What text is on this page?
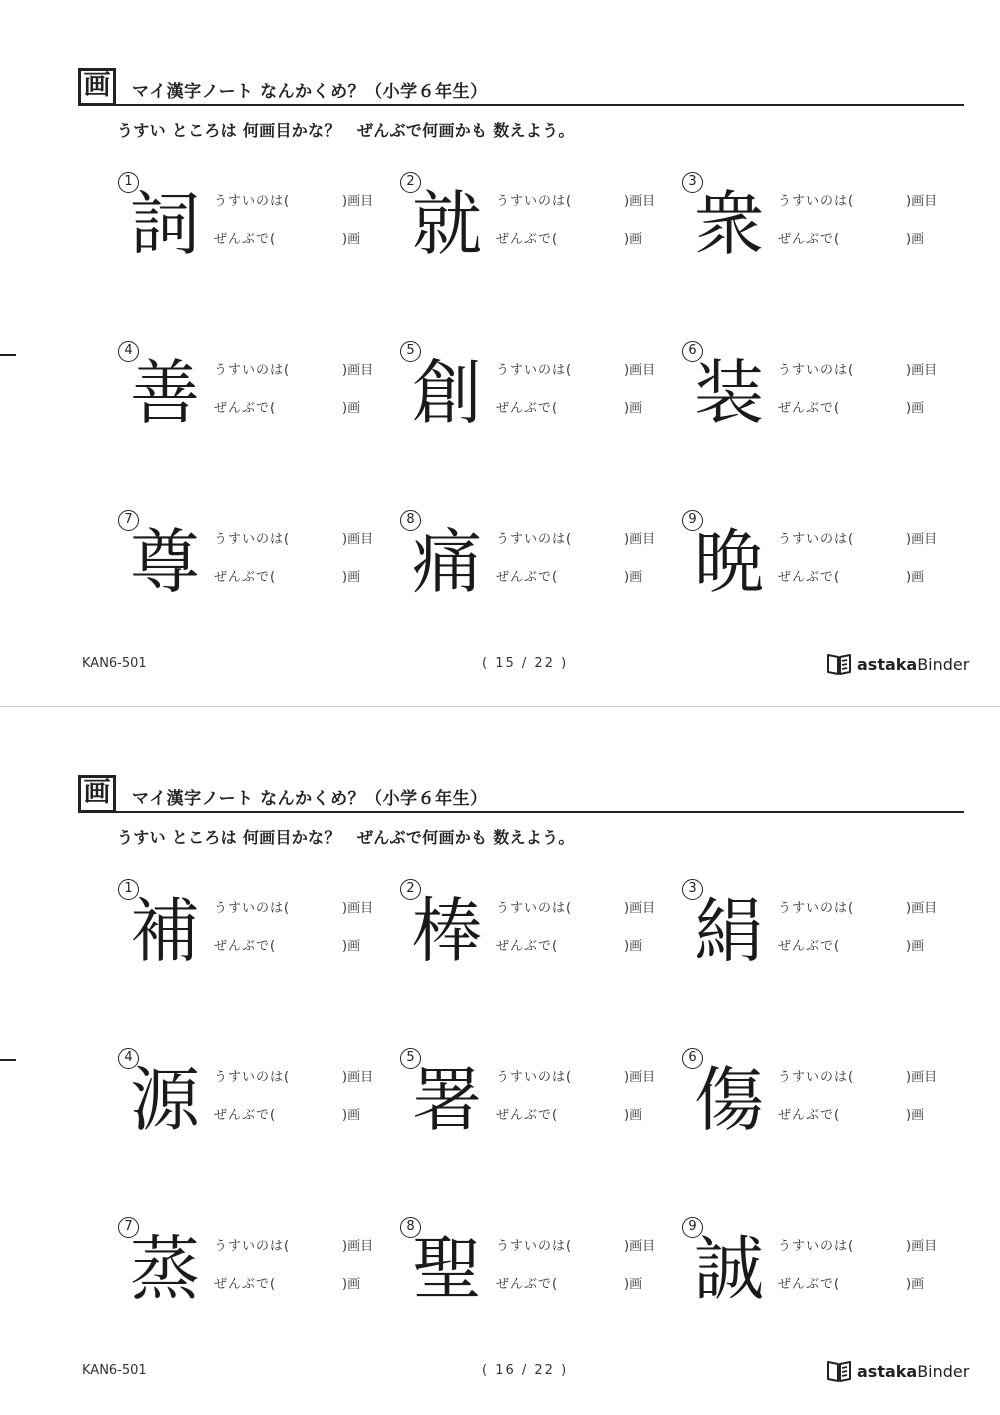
画	マイ漢字ノート なんかくめ？（小学６年生）
うすい ところは 何画目かな？　ぜんぶで何画かも 数えよう。
1
詞 うすいのは(	)画目
ぜんぶで(	)画
2
就 うすいのは(	)画目
ぜんぶで(	)画
3
衆 うすいのは(	)画目
ぜんぶで(	)画
4
善 うすいのは(	)画目
ぜんぶで(	)画
5
創 うすいのは(	)画目
ぜんぶで(	)画
6
装 うすいのは(	)画目
ぜんぶで(	)画
7
尊 うすいのは(	)画目
ぜんぶで(	)画
8
痛 うすいのは(	)画目
ぜんぶで(	)画
9
晩 うすいのは(	)画目
ぜんぶで(	)画
KAN6-501	( 15 / 22 )	astakaBinder
画	マイ漢字ノート なんかくめ？（小学６年生）
うすい ところは 何画目かな？　ぜんぶで何画かも 数えよう。
1
補 うすいのは(	)画目
ぜんぶで(	)画
2
棒 うすいのは(	)画目
ぜんぶで(	)画
3
絹 うすいのは(	)画目
ぜんぶで(	)画
4
源 うすいのは(	)画目
ぜんぶで(	)画
5
署 うすいのは(	)画目
ぜんぶで(	)画
6
傷 うすいのは(	)画目
ぜんぶで(	)画
7
蒸 うすいのは(	)画目
ぜんぶで(	)画
8
聖 うすいのは(	)画目
ぜんぶで(	)画
9
誠 うすいのは(	)画目
ぜんぶで(	)画
KAN6-501	( 16 / 22 )	astakaBinder
